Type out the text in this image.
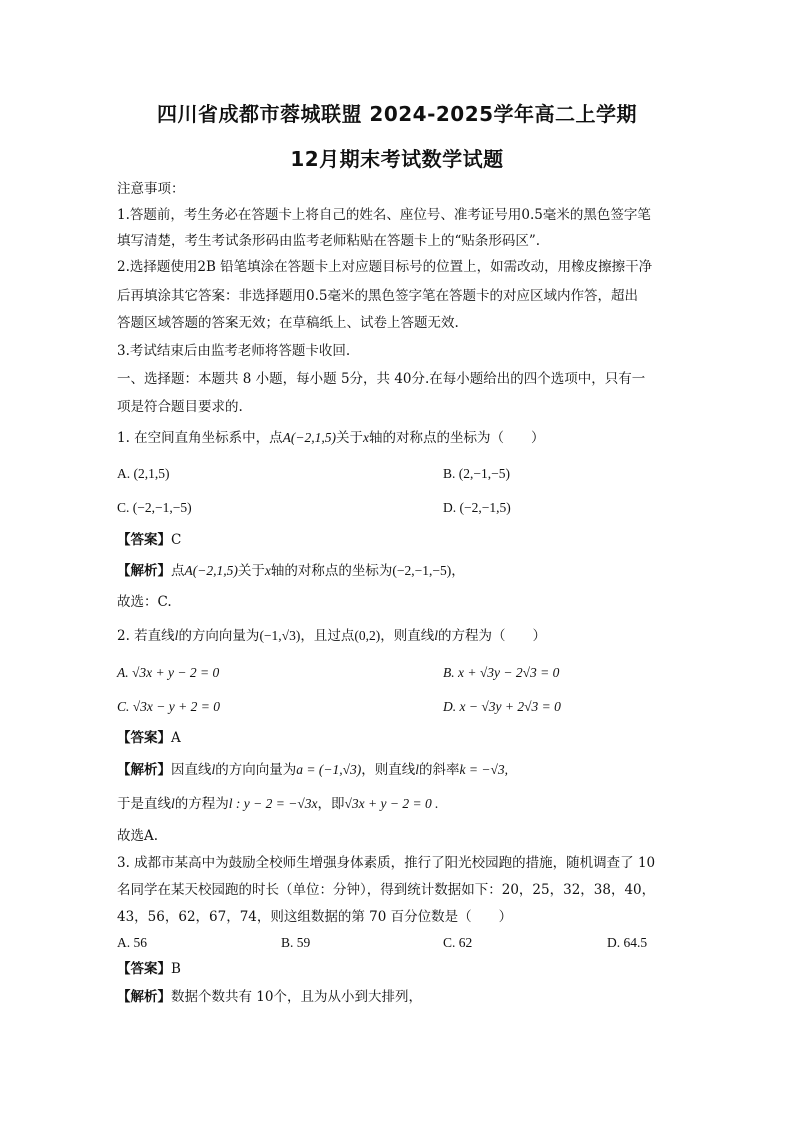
四川省成都市蓉城联盟 2024-2025学年高二上学期
12月期末考试数学试题
注意事项：
1.答题前，考生务必在答题卡上将自己的姓名、座位号、准考证号用0.5毫米的黑色签字笔
填写清楚，考生考试条形码由监考老师粘贴在答题卡上的“贴条形码区”.
2.选择题使用2B 铅笔填涂在答题卡上对应题目标号的位置上，如需改动，用橡皮擦擦干净
后再填涂其它答案：非选择题用0.5毫米的黑色签字笔在答题卡的对应区域内作答，超出
答题区域答题的答案无效；在草稿纸上、试卷上答题无效.
3.考试结束后由监考老师将答题卡收回.
一、选择题：本题共 8 小题，每小题 5分，共 40分.在每小题给出的四个选项中，只有一
项是符合题目要求的.
1. 在空间直角坐标系中，点A(−2,1,5)关于x轴的对称点的坐标为（　　）
A. (2,1,5)	B. (2,−1,−5)
C. (−2,−1,−5)	D. (−2,−1,5)
【答案】C
【解析】点A(−2,1,5)关于x轴的对称点的坐标为(−2,−1,−5)，
故选：C.
2. 若直线l的方向向量为(−1,√3)，且过点(0,2)，则直线l的方程为（　　）
A. √3x + y − 2 = 0	B. x + √3y − 2√3 = 0
C. √3x − y + 2 = 0	D. x − √3y + 2√3 = 0
【答案】A
【解析】因直线l的方向向量为a = (−1,√3)，则直线l的斜率k = −√3,
于是直线l的方程为l : y − 2 = −√3x，即√3x + y − 2 = 0 .
故选A.
3. 成都市某高中为鼓励全校师生增强身体素质，推行了阳光校园跑的措施，随机调查了 10
名同学在某天校园跑的时长（单位：分钟），得到统计数据如下：20，25，32，38，40，
43，56，62，67，74，则这组数据的第 70 百分位数是（　　）
A. 56	B. 59	C. 62	D. 64.5
【答案】B
【解析】数据个数共有 10个，且为从小到大排列，
